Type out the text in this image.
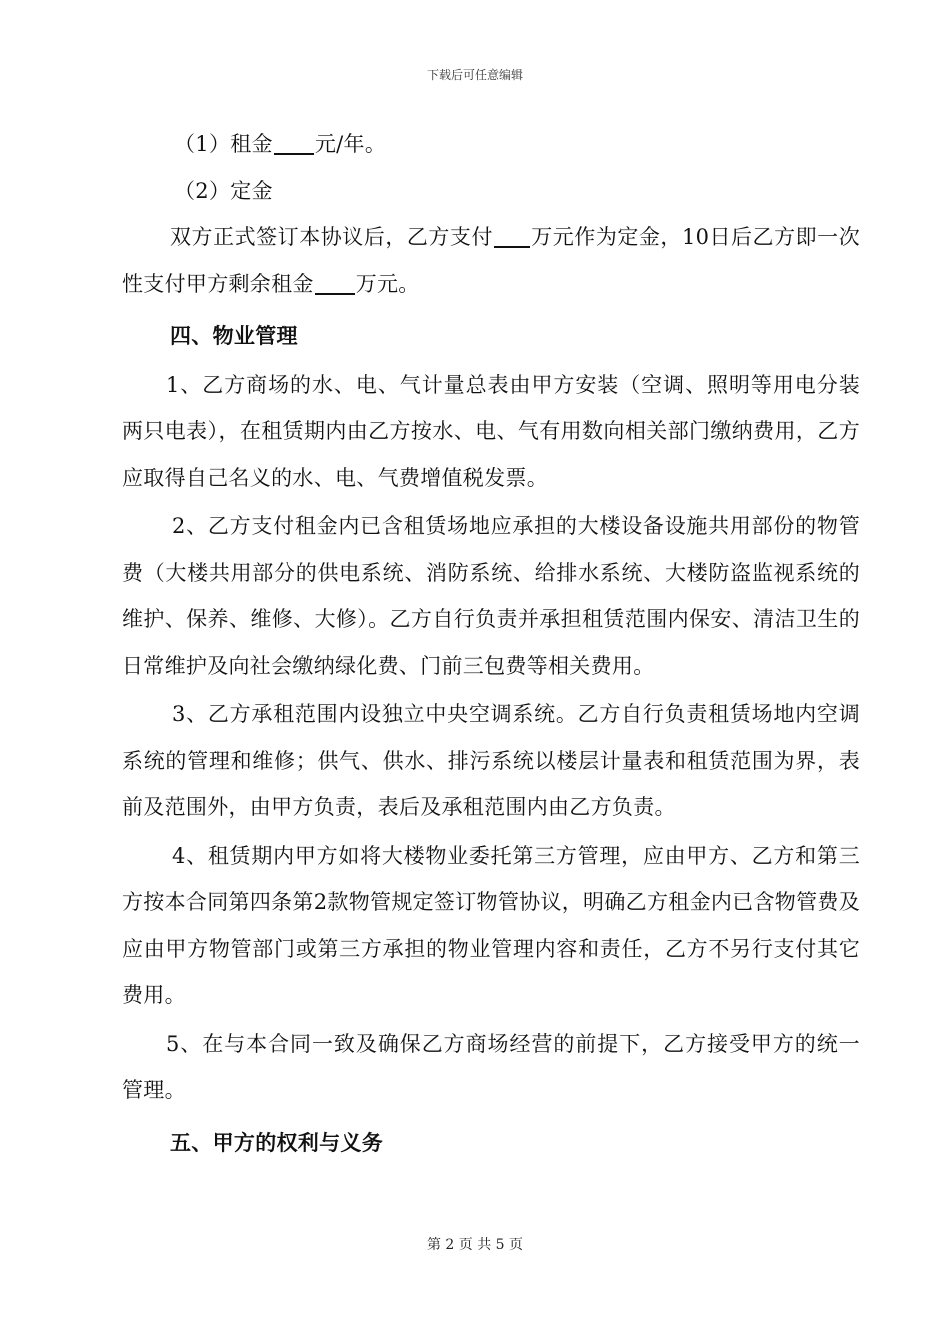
下载后可任意编辑

（1）租金 元/年。

（2）定金

双方正式签订本协议后，乙方支付 万元作为定金，10日后乙方即一次性支付甲方剩余租金 万元。

四、物业管理

1、乙方商场的水、电、气计量总表由甲方安装（空调、照明等用电分装两只电表），在租赁期内由乙方按水、电、气有用数向相关部门缴纳费用，乙方应取得自己名义的水、电、气费增值税发票。

2、乙方支付租金内已含租赁场地应承担的大楼设备设施共用部份的物管费（大楼共用部分的供电系统、消防系统、给排水系统、大楼防盗监视系统的维护、保养、维修、大修）。乙方自行负责并承担租赁范围内保安、清洁卫生的日常维护及向社会缴纳绿化费、门前三包费等相关费用。

3、乙方承租范围内设独立中央空调系统。乙方自行负责租赁场地内空调系统的管理和维修；供气、供水、排污系统以楼层计量表和租赁范围为界，表前及范围外，由甲方负责，表后及承租范围内由乙方负责。

4、租赁期内甲方如将大楼物业委托第三方管理，应由甲方、乙方和第三方按本合同第四条第2款物管规定签订物管协议，明确乙方租金内已含物管费及应由甲方物管部门或第三方承担的物业管理内容和责任，乙方不另行支付其它费用。

5、在与本合同一致及确保乙方商场经营的前提下，乙方接受甲方的统一管理。

五、甲方的权利与义务

第 2 页 共 5 页
